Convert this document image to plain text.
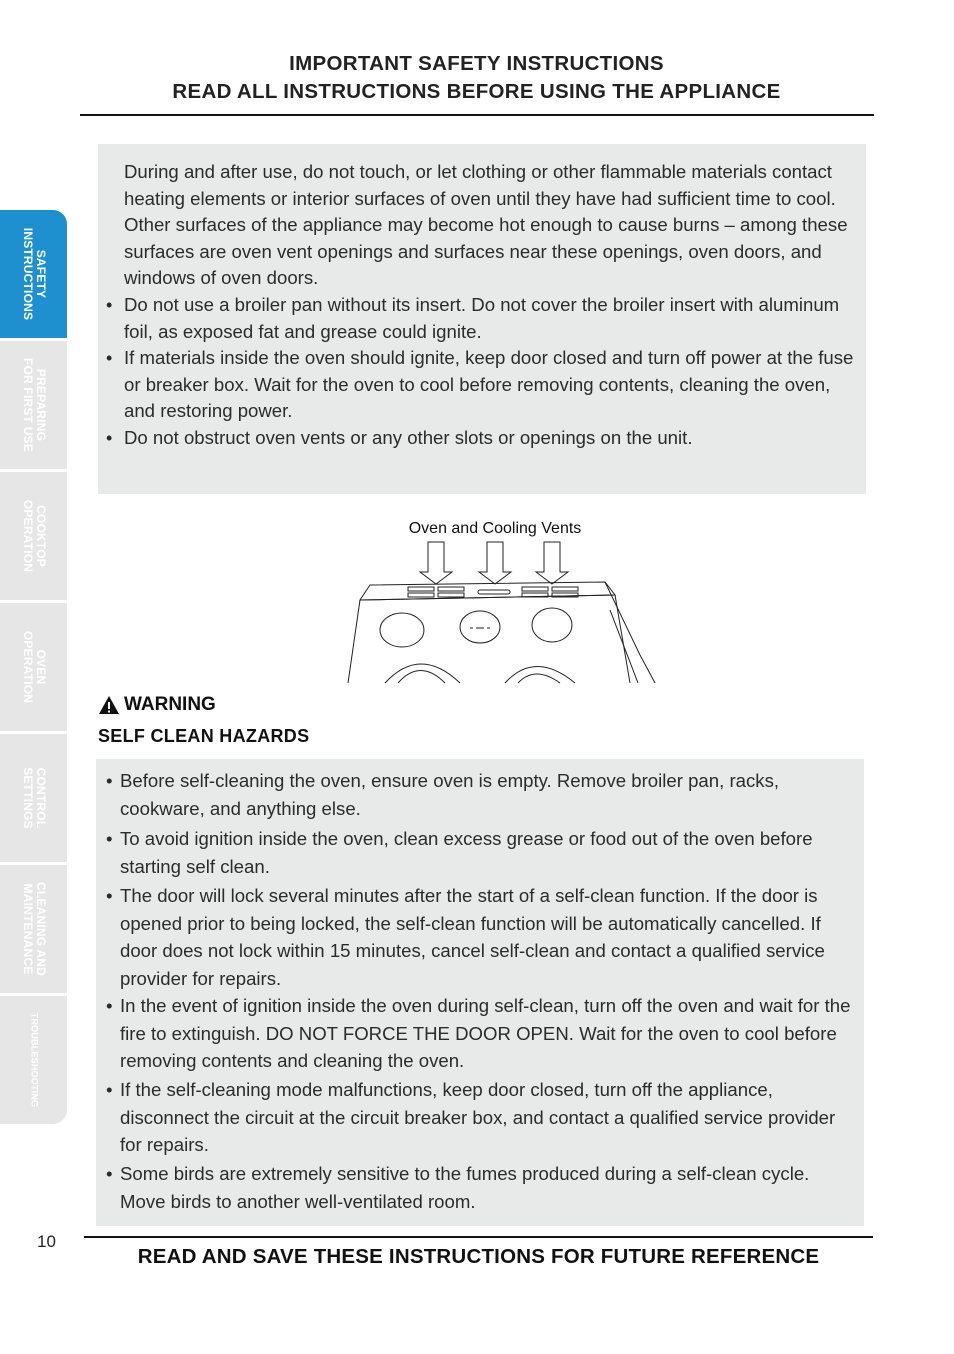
IMPORTANT SAFETY INSTRUCTIONS
READ ALL INSTRUCTIONS BEFORE USING THE APPLIANCE
SAFETY
INSTRUCTIONS
PREPARING
FOR FIRST USE
COOKTOP
OPERATION
OVEN
OPERATION
CONTROL
SETTINGS
CLEANING AND
MAINTENANCE
TROUBLESHOOTING

During and after use, do not touch, or let clothing or other flammable materials contact heating elements or interior surfaces of oven until they have had sufficient time to cool. Other surfaces of the appliance may become hot enough to cause burns – among these surfaces are oven vent openings and surfaces near these openings, oven doors, and windows of oven doors.

• Do not use a broiler pan without its insert. Do not cover the broiler insert with aluminum foil, as exposed fat and grease could ignite.
• If materials inside the oven should ignite, keep door closed and turn off power at the fuse or breaker box. Wait for the oven to cool before removing contents, cleaning the oven, and restoring power.
• Do not obstruct oven vents or any other slots or openings on the unit.
Oven and Cooling Vents
WARNING
SELF CLEAN HAZARDS
• Before self-cleaning the oven, ensure oven is empty. Remove broiler pan, racks, cookware, and anything else.
• To avoid ignition inside the oven, clean excess grease or food out of the oven before starting self clean.
• The door will lock several minutes after the start of a self-clean function. If the door is opened prior to being locked, the self-clean function will be automatically cancelled. If door does not lock within 15 minutes, cancel self-clean and contact a qualified service provider for repairs.
• In the event of ignition inside the oven during self-clean, turn off the oven and wait for the fire to extinguish. DO NOT FORCE THE DOOR OPEN. Wait for the oven to cool before removing contents and cleaning the oven.
• If the self-cleaning mode malfunctions, keep door closed, turn off the appliance, disconnect the circuit at the circuit breaker box, and contact a qualified service provider for repairs.
• Some birds are extremely sensitive to the fumes produced during a self-clean cycle. Move birds to another well-ventilated room.
10
READ AND SAVE THESE INSTRUCTIONS FOR FUTURE REFERENCE
